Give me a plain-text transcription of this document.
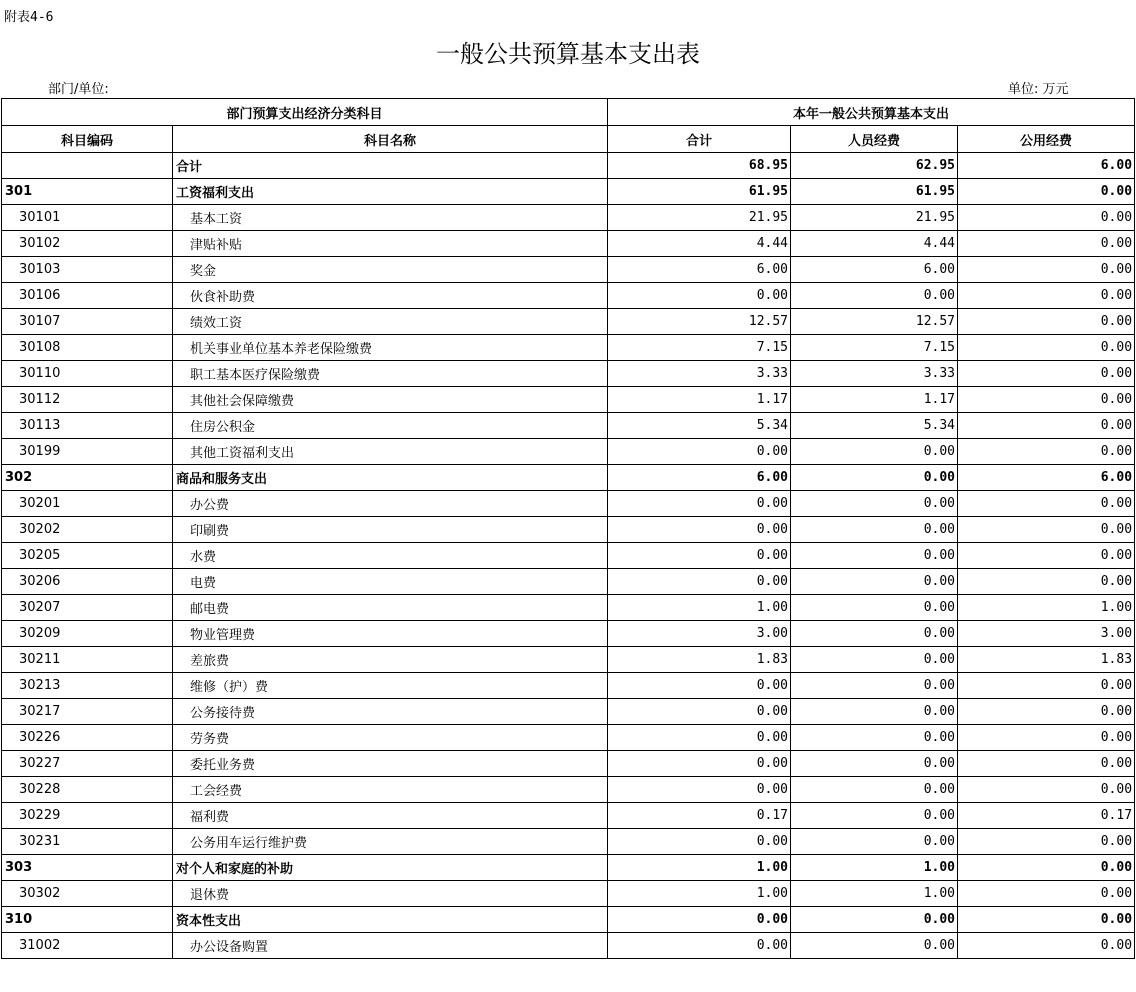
附表4-6
一般公共预算基本支出表
部门/单位:	单位: 万元
部门预算支出经济分类科目		本年一般公共预算基本支出		
科目编码	科目名称	合计	人员经费	公用经费
	合计	68.95	62.95	6.00
301	工资福利支出	61.95	61.95	0.00
30101	基本工资	21.95	21.95	0.00
30102	津贴补贴	4.44	4.44	0.00
30103	奖金	6.00	6.00	0.00
30106	伙食补助费	0.00	0.00	0.00
30107	绩效工资	12.57	12.57	0.00
30108	机关事业单位基本养老保险缴费	7.15	7.15	0.00
30110	职工基本医疗保险缴费	3.33	3.33	0.00
30112	其他社会保障缴费	1.17	1.17	0.00
30113	住房公积金	5.34	5.34	0.00
30199	其他工资福利支出	0.00	0.00	0.00
302	商品和服务支出	6.00	0.00	6.00
30201	办公费	0.00	0.00	0.00
30202	印刷费	0.00	0.00	0.00
30205	水费	0.00	0.00	0.00
30206	电费	0.00	0.00	0.00
30207	邮电费	1.00	0.00	1.00
30209	物业管理费	3.00	0.00	3.00
30211	差旅费	1.83	0.00	1.83
30213	维修（护）费	0.00	0.00	0.00
30217	公务接待费	0.00	0.00	0.00
30226	劳务费	0.00	0.00	0.00
30227	委托业务费	0.00	0.00	0.00
30228	工会经费	0.00	0.00	0.00
30229	福利费	0.17	0.00	0.17
30231	公务用车运行维护费	0.00	0.00	0.00
303	对个人和家庭的补助	1.00	1.00	0.00
30302	退休费	1.00	1.00	0.00
310	资本性支出	0.00	0.00	0.00
31002	办公设备购置	0.00	0.00	0.00
